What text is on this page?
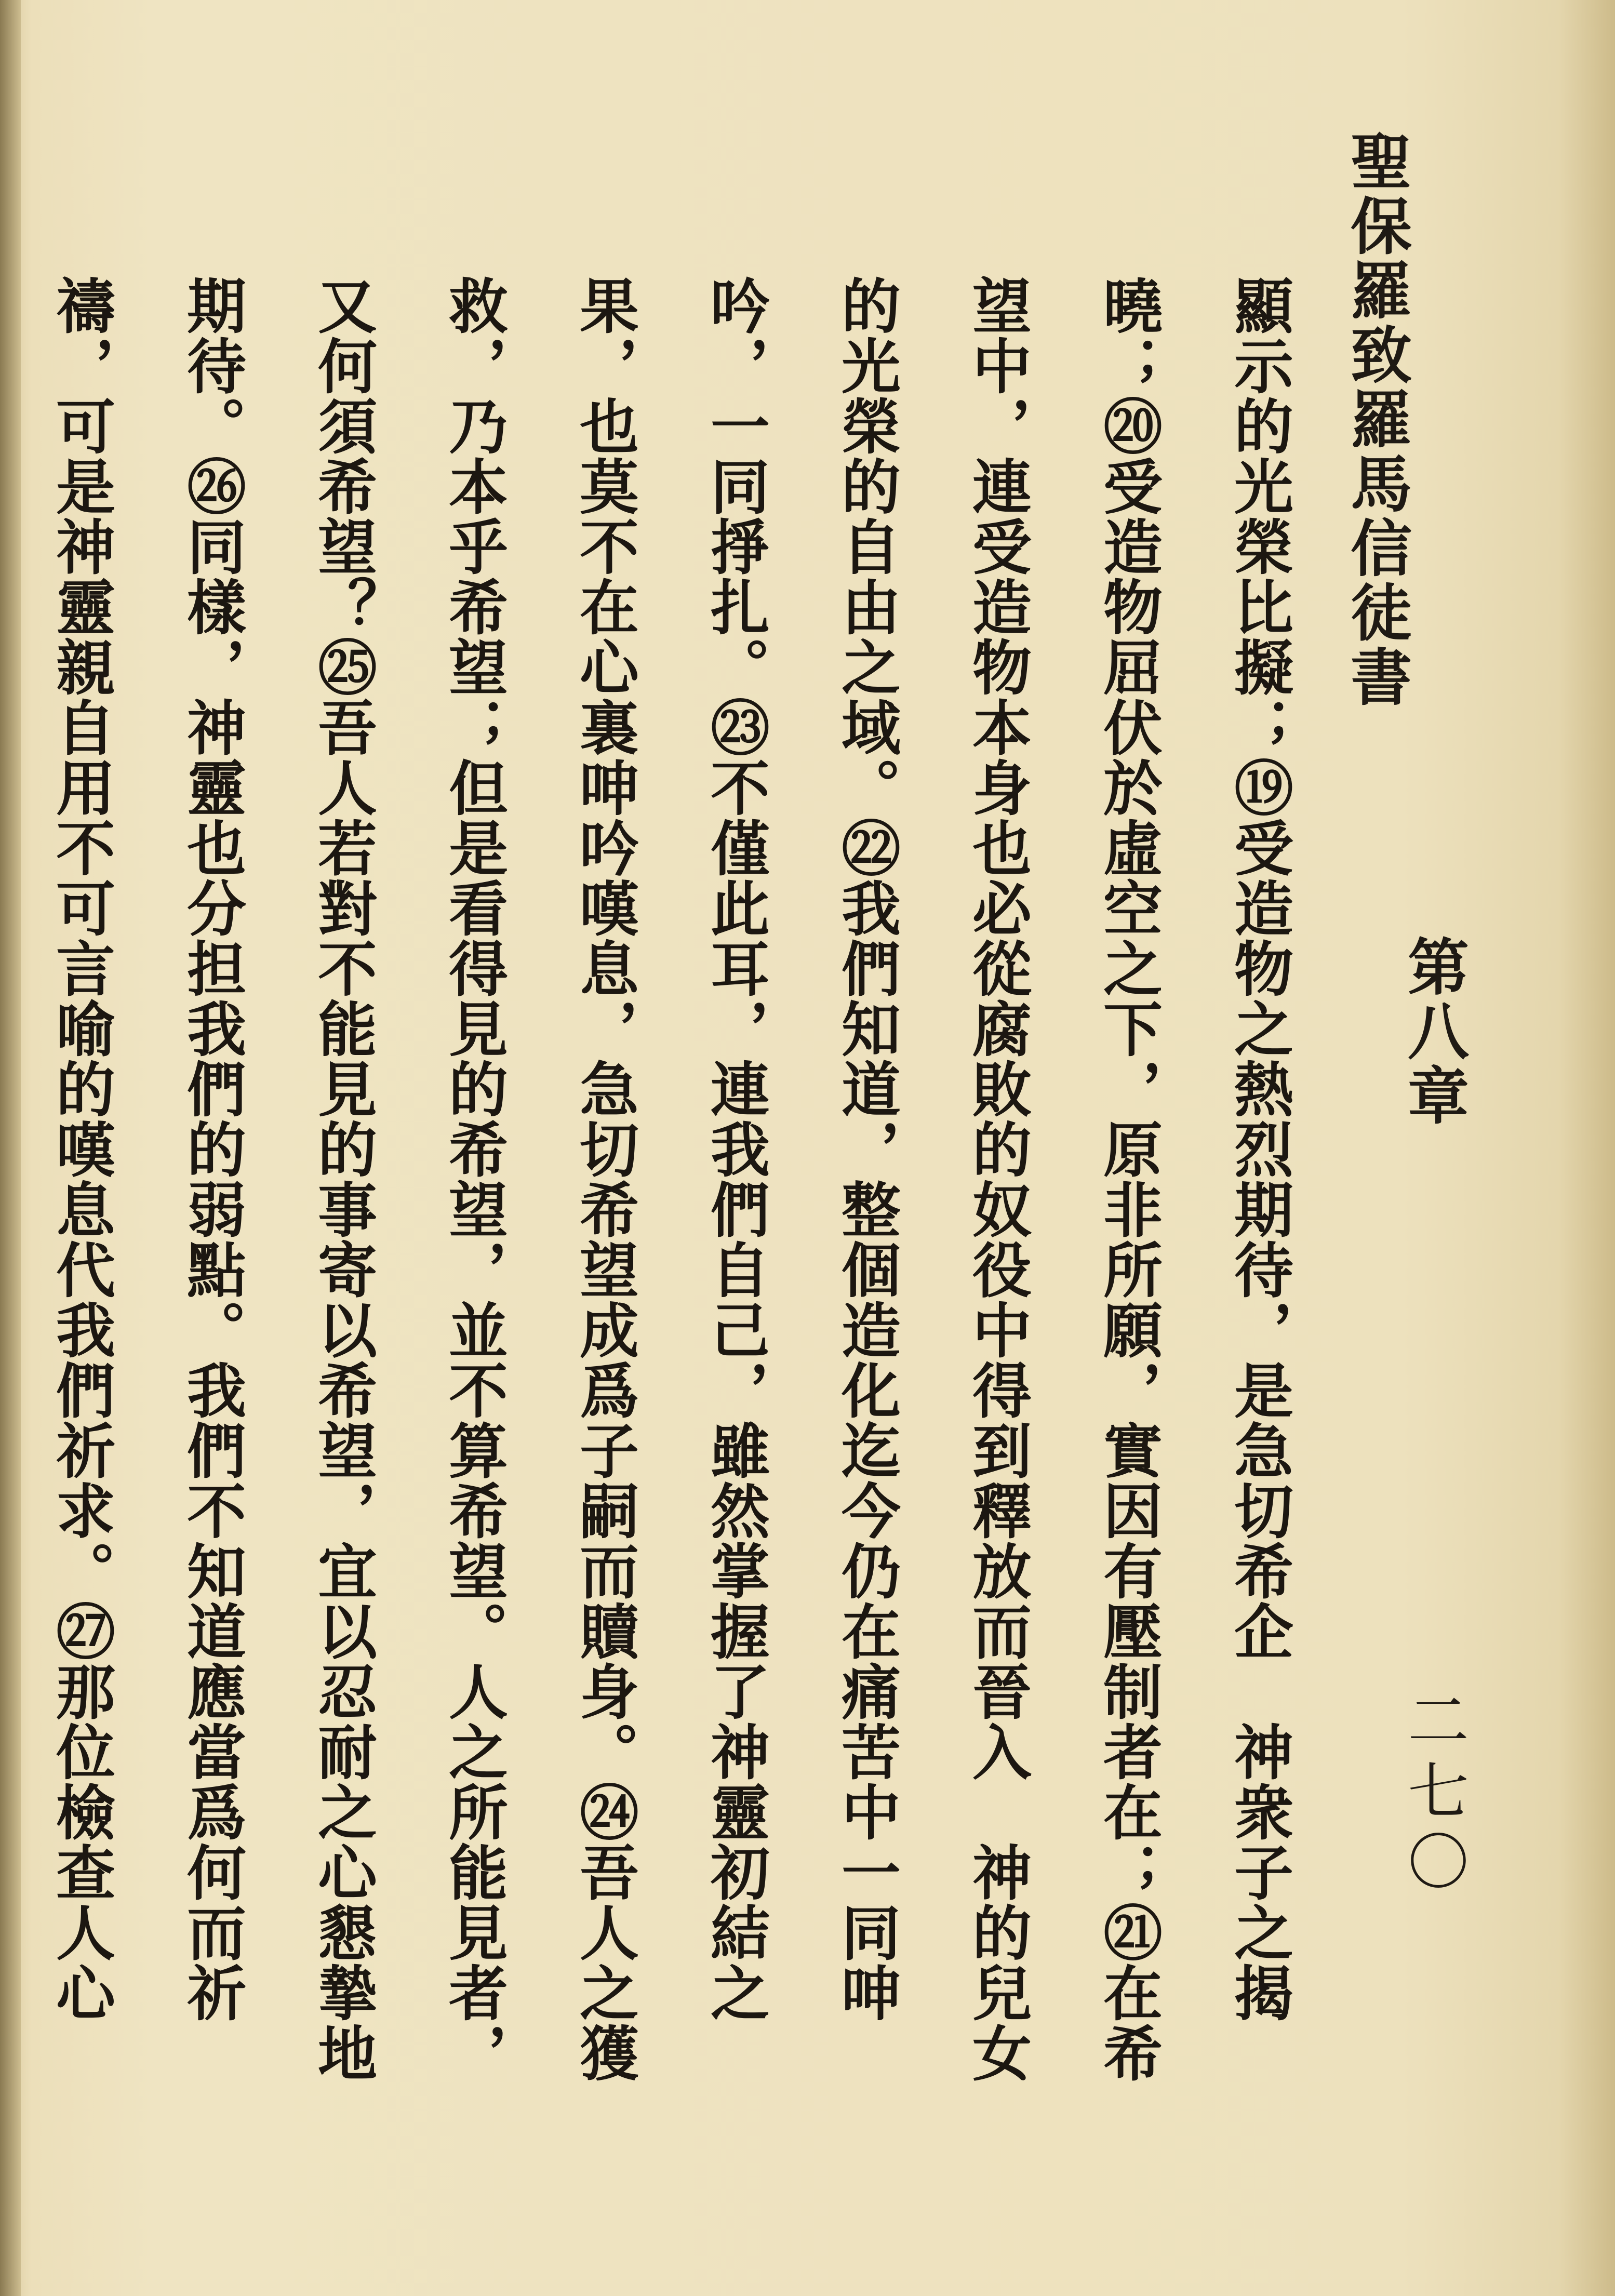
聖保羅致羅馬信徒書
第八章
二七〇

顯示的光榮比擬；⑲受造物之熱烈期待，是急切希企　

神衆子之揭曉；⑳受造物屈伏於虛空之下，原非所願，實因有壓制者在；㉑在希望中，連受造物本身也必從腐敗的奴役中得到釋放而晉入　神的兒女的光榮的自由之域。㉒我們知道，整個造化迄今仍在痛苦中一同呻吟，一同掙扎。㉓不僅此耳，連我們自己，雖然掌握了神靈初結之果，也莫不在心裏呻吟嘆息，急切希望成爲子嗣而贖身。㉔吾人之獲救，乃本乎希望；但是看得見的希望，並不算希望。人之所能見者，又何須希望？㉕吾人若對不能見的事寄以希望，宜以忍耐之心懇摯地期待。㉖同樣，神靈也分担我們的弱點。我們不知道應當爲何而祈禱，可是神靈親自用不可言喻的嘆息代我們祈求。㉗那位檢查人心　　　　　　　
